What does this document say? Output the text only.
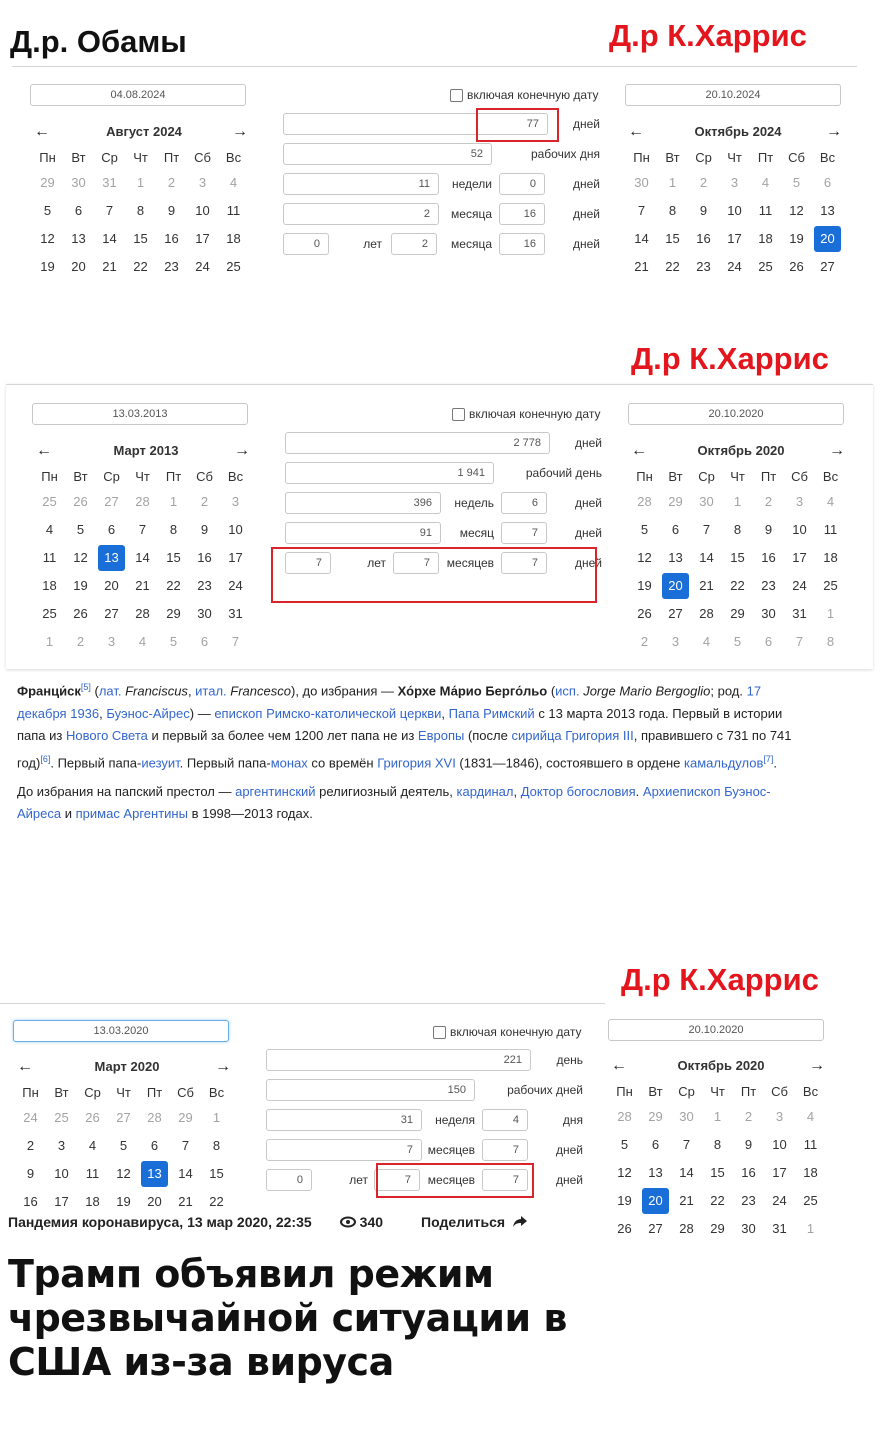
Д.р. Обамы	Д.р К.Харрис
04.08.2024	включая конечную дату	20.10.2024
Август 2024
←	→
Пн	Вт	Ср	Чт	Пт	Сб	Вс
29	30	31	1	2	3	4
5	6	7	8	9	10	11
12	13	14	15	16	17	18
19	20	21	22	23	24	25
Октябрь 2024
←	→
Пн	Вт	Ср	Чт	Пт	Сб	Вс
30	1	2	3	4	5	6
7	8	9	10	11	12	13
14	15	16	17	18	19	20
21	22	23	24	25	26	27
77	дней
52	рабочих дня
11	недели	0	дней
2	месяца	16	дней
0	лет	2	месяца	16	дней
Д.р К.Харрис
13.03.2013	включая конечную дату	20.10.2020
Март 2013
←	→
Пн	Вт	Ср	Чт	Пт	Сб	Вс
25	26	27	28	1	2	3
4	5	6	7	8	9	10
11	12	13	14	15	16	17
18	19	20	21	22	23	24
25	26	27	28	29	30	31
1	2	3	4	5	6	7
Октябрь 2020
←	→
Пн	Вт	Ср	Чт	Пт	Сб	Вс
28	29	30	1	2	3	4
5	6	7	8	9	10	11
12	13	14	15	16	17	18
19	20	21	22	23	24	25
26	27	28	29	30	31	1
2	3	4	5	6	7	8
2 778	дней
1 941	рабочий день
396	недель	6	дней
91	месяц	7	дней
7	лет	7	месяцев	7	дней

Франци́ск[5] (лат. Franciscus, итал. Francesco), до избрания — Хо́рхе Ма́рио Берго́льо (исп. Jorge Mario Bergoglio; род. 17 декабря 1936, Буэнос-Айрес) — епископ Римско-католической церкви, Папа Римский с 13 марта 2013 года. Первый в истории папа из Нового Света и первый за более чем 1200 лет папа не из Европы (после сирийца Григория III, правившего с 731 по 741 год)[6]. Первый папа-иезуит. Первый папа-монах со времён Григория XVI (1831—1846), состоявшего в ордене камальдулов[7].

До избрания на папский престол — аргентинский религиозный деятель, кардинал, Доктор богословия. Архиепископ Буэнос-Айреса и примас Аргентины в 1998—2013 годах.

Д.р К.Харрис
13.03.2020	включая конечную дату
Март 2020
←	→
Пн	Вт	Ср	Чт	Пт	Сб	Вс
24	25	26	27	28	29	1
2	3	4	5	6	7	8
9	10	11	12	13	14	15
16	17	18	19	20	21	22
221	день
150	рабочих дней
31	неделя	4	дня
7	месяцев	7	дней
0	лет	7	месяцев	7	дней
20.10.2020
Октябрь 2020
←	→
Пн	Вт	Ср	Чт	Пт	Сб	Вс
28	29	30	1	2	3	4
5	6	7	8	9	10	11
12	13	14	15	16	17	18
19	20	21	22	23	24	25
26	27	28	29	30	31	1
Пандемия коронавируса, 13 мар 2020, 22:35	340	Поделиться
Трамп объявил режим чрезвычайной ситуации в США из-за вируса
